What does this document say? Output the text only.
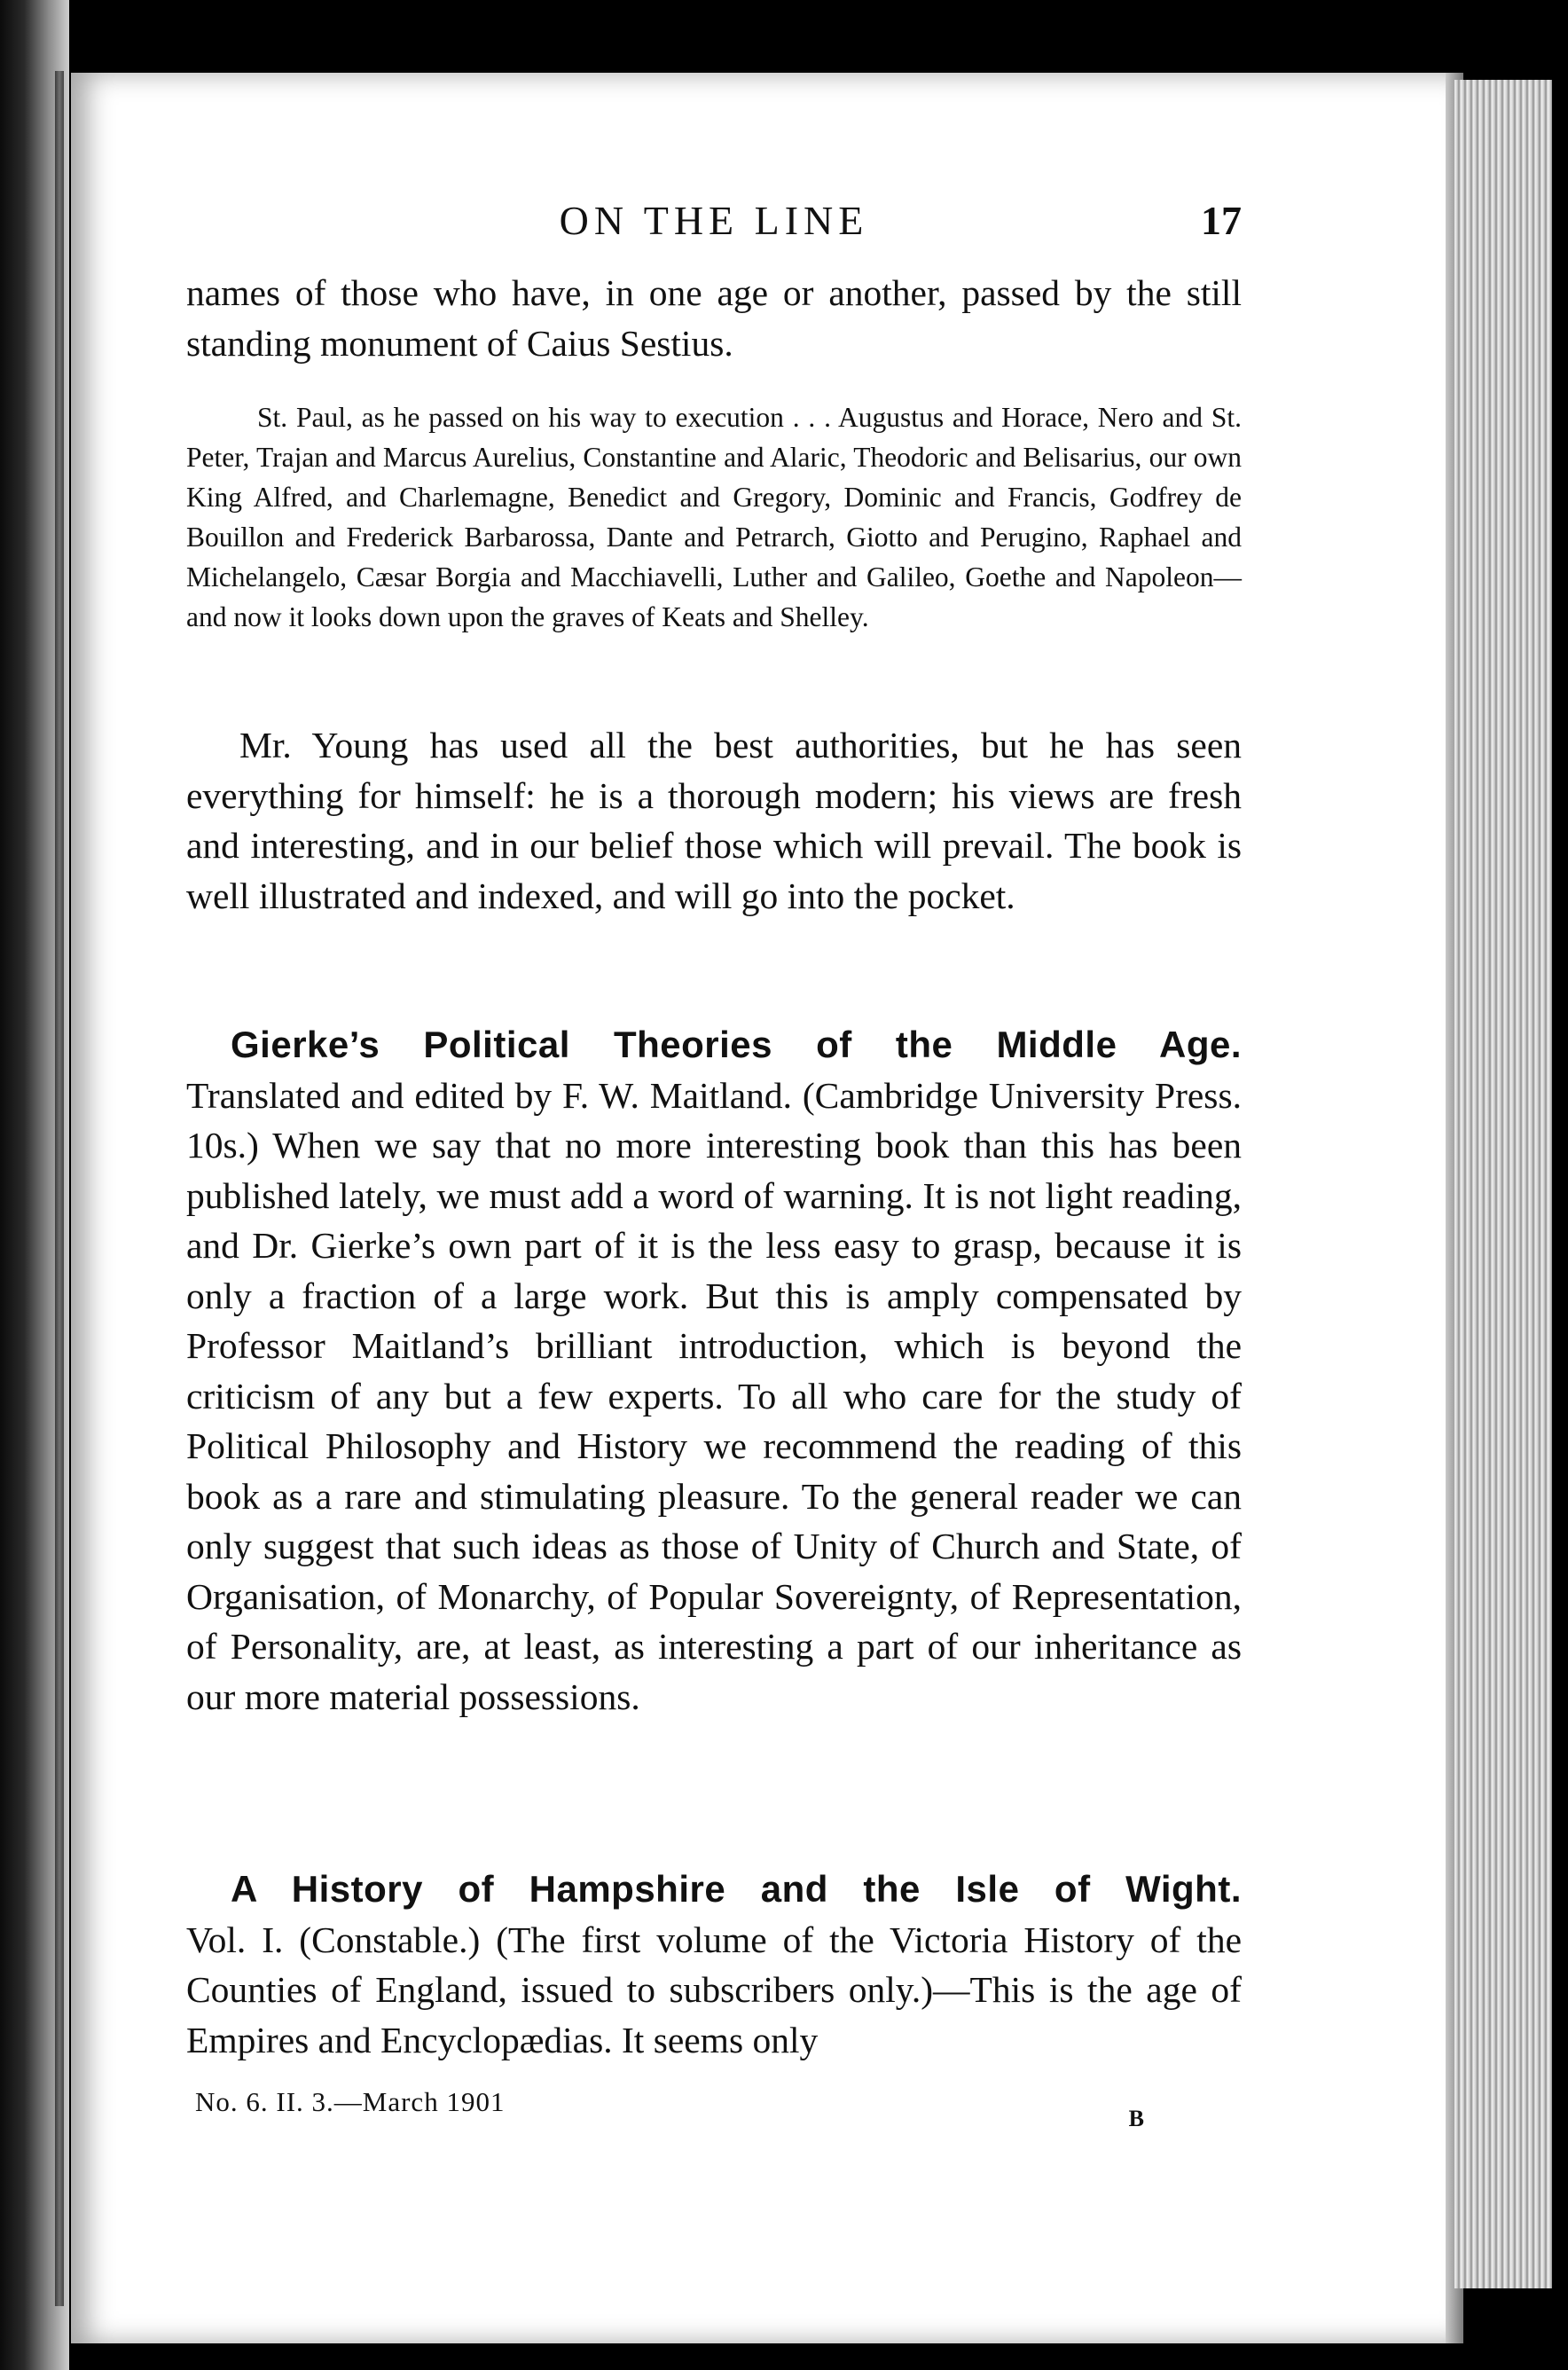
ON THE LINE	17
names of those who have, in one age or another, passed by the still standing monument of Caius Sestius.
St. Paul, as he passed on his way to execution . . . Augustus and Horace, Nero and St. Peter, Trajan and Marcus Aurelius, Constantine and Alaric, Theodoric and Belisarius, our own King Alfred, and Charlemagne, Benedict and Gregory, Dominic and Francis, Godfrey de Bouillon and Frederick Barbarossa, Dante and Petrarch, Giotto and Perugino, Raphael and Michelangelo, Cæsar Borgia and Macchiavelli, Luther and Galileo, Goethe and Napoleon—and now it looks down upon the graves of Keats and Shelley.
Mr. Young has used all the best authorities, but he has seen everything for himself: he is a thorough modern; his views are fresh and interesting, and in our belief those which will prevail. The book is well illustrated and indexed, and will go into the pocket.
Gierke’s Political Theories of the Middle Age.
Translated and edited by F. W. Maitland. (Cambridge University Press. 10s.) When we say that no more interesting book than this has been published lately, we must add a word of warning. It is not light reading, and Dr. Gierke’s own part of it is the less easy to grasp, because it is only a fraction of a large work. But this is amply compensated by Professor Maitland’s brilliant introduction, which is beyond the criticism of any but a few experts. To all who care for the study of Political Philosophy and History we recommend the reading of this book as a rare and stimulating pleasure. To the general reader we can only suggest that such ideas as those of Unity of Church and State, of Organisation, of Monarchy, of Popular Sovereignty, of Representation, of Personality, are, at least, as interesting a part of our inheritance as our more material possessions.
A History of Hampshire and the Isle of Wight.
Vol. I. (Constable.) (The first volume of the Victoria History of the Counties of England, issued to subscribers only.)—This is the age of Empires and Encyclopædias. It seems only
No. 6. II. 3.—March 1901
B
